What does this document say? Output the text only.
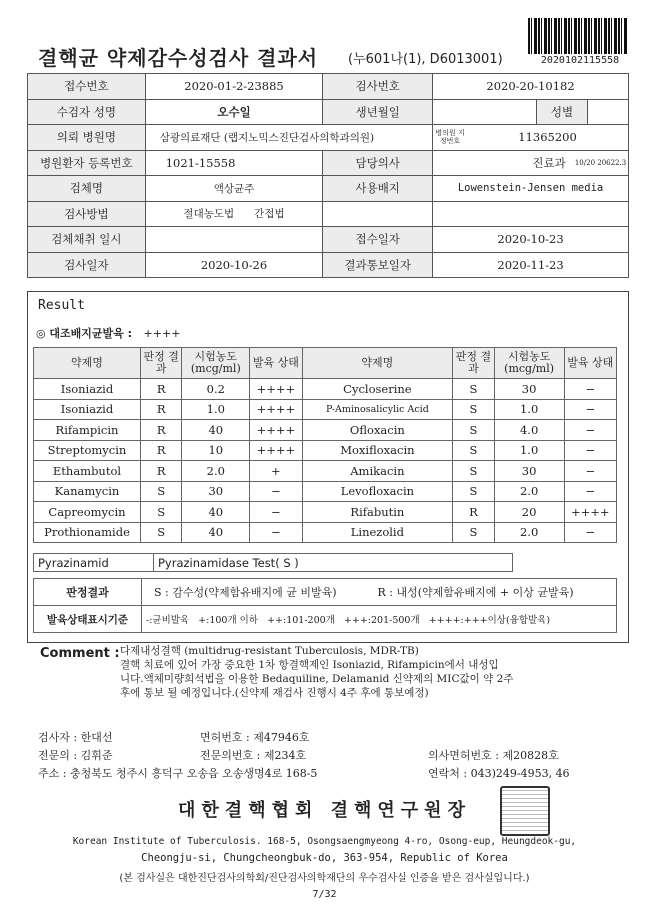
결핵균 약제감수성검사 결과서 (누601나(1), D6013001)	2020102115558
접수번호	2020-01-2-23885	검사번호	2020-20-10182
수검자 성명	오수일	생년월일	성별

의뢰 병원명	삼광의료재단 (랩지노믹스진단검사의학과의원)		병의원 지정번호 11365200

병원환자 등록번호	1021-15558	담당의사	진료과 10/20 20622.3

검체명	액상균주	사용배지	Lowenstein-Jensen media
검사방법	절대농도법 간접법		
검체채취 일시		접수일자	2020-10-23
검사일자	2020-10-26	결과통보일자	2020-11-23
Result
◎ 대조배지균발육 : ++++
약제명	판정 결과	시험농도 (mcg/ml)	발육 상태	약제명	판정 결과	시험농도 (mcg/ml)	발육 상태
Isoniazid	R	0.2	++++	Cycloserine	S	30	−
Isoniazid	R	1.0	++++	P-Aminosalicylic Acid	S	1.0	−
Rifampicin	R	40	++++	Ofloxacin	S	4.0	−
Streptomycin	R	10	++++	Moxifloxacin	S	1.0	−
Ethambutol	R	2.0	+	Amikacin	S	30	−
Kanamycin	S	30	−	Levofloxacin	S	2.0	−
Capreomycin	S	40	−	Rifabutin	R	20	++++
Prothionamide	S	40	−	Linezolid	S	2.0	−
Pyrazinamid	Pyrazinamidase Test( S )
판정결과	S : 감수성(약제함유배지에 균 비발육) R : 내성(약제함유배지에 + 이상 균발육)
발육상태표시기준	-:균비발육   +:100개 이하   ++:101-200개   +++:201-500개   ++++:+++이상(융합발육)
Comment : 다제내성결핵 (multidrug-resistant Tuberculosis, MDR-TB)
결핵 치료에 있어 가장 중요한 1차 항결핵제인 Isoniazid, Rifampicin에서 내성입
니다.액체미량희석법을 이용한 Bedaquiline, Delamanid 신약제의 MIC값이 약 2주
후에 통보 될 예정입니다.(신약제 재검사 진행시 4주 후에 통보예정)
검사자 : 한대선	면허번호 : 제47946호
전문의 : 김휘준	전문의번호 : 제234호	의사면허번호 : 제20828호
주소 : 충청북도 청주시 흥덕구 오송읍 오송생명4로 168-5	연락처 : 043)249-4953, 46
대한결핵협회 결핵연구원장
Korean Institute of Tuberculosis. 168-5, Osongsaengmyeong 4-ro, Osong-eup, Heungdeok-gu,
Cheongju-si, Chungcheongbuk-do, 363-954, Republic of Korea
(본 검사실은 대한진단검사의학회/진단검사의학재단의 우수검사실 인증을 받은 검사실입니다.)
7/32
